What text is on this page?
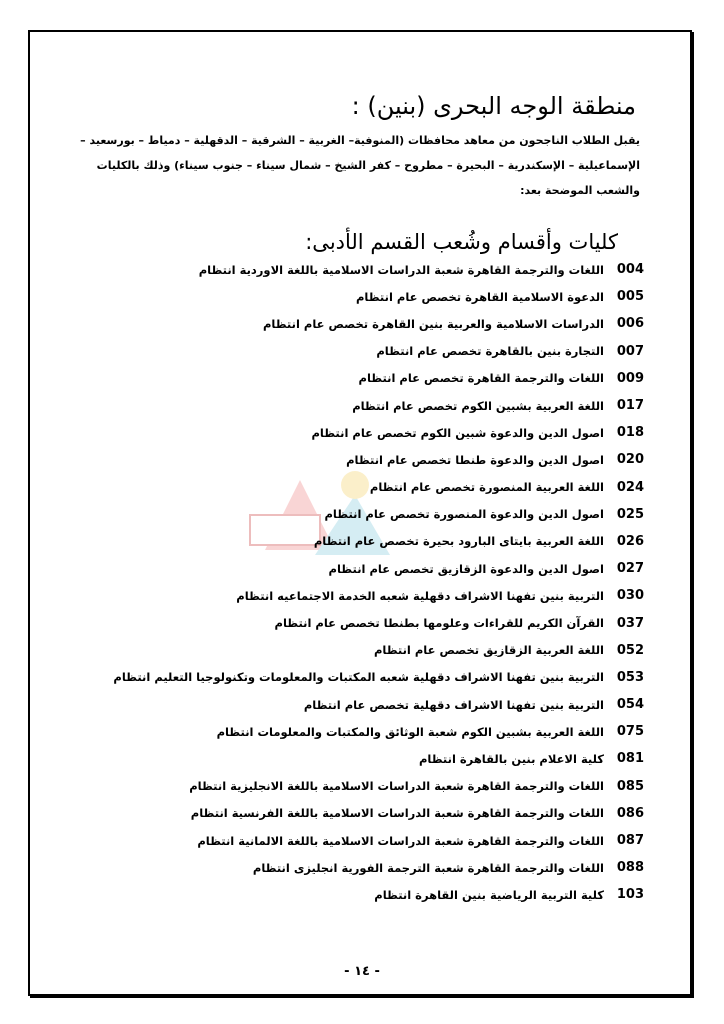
منطقة الوجه البحرى (بنين) :
يقبل الطلاب الناجحون من معاهد محافظات (المنوفية– الغربية – الشرقية – الدقهلية – دمياط – بورسعيد – الإسماعيلية – الإسكندرية – البحيرة – مطروح – كفر الشيخ – شمال سيناء – جنوب سيناء) وذلك بالكليات والشعب الموضحة بعد:
كليات وأقسام وشُعب القسم الأدبى:
004
اللغات والترجمة القاهرة شعبة الدراسات الاسلامية باللغة الاوردية انتظام
005
الدعوة الاسلامية القاهرة تخصص عام انتظام
006
الدراسات الاسلامية والعربية بنين القاهرة تخصص عام انتظام
007
التجارة بنين بالقاهرة تخصص عام انتظام
009
اللغات والترجمة القاهرة تخصص عام انتظام
017
اللغة العربية بشبين الكوم تخصص عام انتظام
018
اصول الدين والدعوة شبين الكوم تخصص عام انتظام
020
اصول الدين والدعوة طنطا تخصص عام انتظام
024
اللغة العربية المنصورة تخصص عام انتظام
025
اصول الدين والدعوة المنصورة تخصص عام انتظام
026
اللغة العربية بايتاى البارود بحيرة تخصص عام انتظام
027
اصول الدين والدعوة الزقازيق تخصص عام انتظام
030
التربية بنين تفهنا الاشراف دقهلية شعبه الخدمة الاجتماعيه انتظام
037
القرآن الكريم للقراءات وعلومها بطنطا تخصص عام انتظام
052
اللغة العربية الزقازيق تخصص عام انتظام
053
التربية بنين تفهنا الاشراف دقهلية شعبه المكتبات والمعلومات وتكنولوجيا التعليم انتظام
054
التربية بنين تفهنا الاشراف دقهلية تخصص عام انتظام
075
اللغة العربية بشبين الكوم شعبة الوثائق والمكتبات والمعلومات انتظام
081
كلية الاعلام بنين بالقاهرة انتظام
085
اللغات والترجمة القاهرة شعبة الدراسات الاسلامية باللغة الانجليزية انتظام
086
اللغات والترجمة القاهرة شعبة الدراسات الاسلامية باللغة الفرنسية انتظام
087
اللغات والترجمة القاهرة شعبة الدراسات الاسلامية باللغة الالمانية انتظام
088
اللغات والترجمة القاهرة شعبة الترجمة الفورية انجليزى انتظام
103
كلية التربية الرياضية بنين القاهرة انتظام
- ١٤ -
